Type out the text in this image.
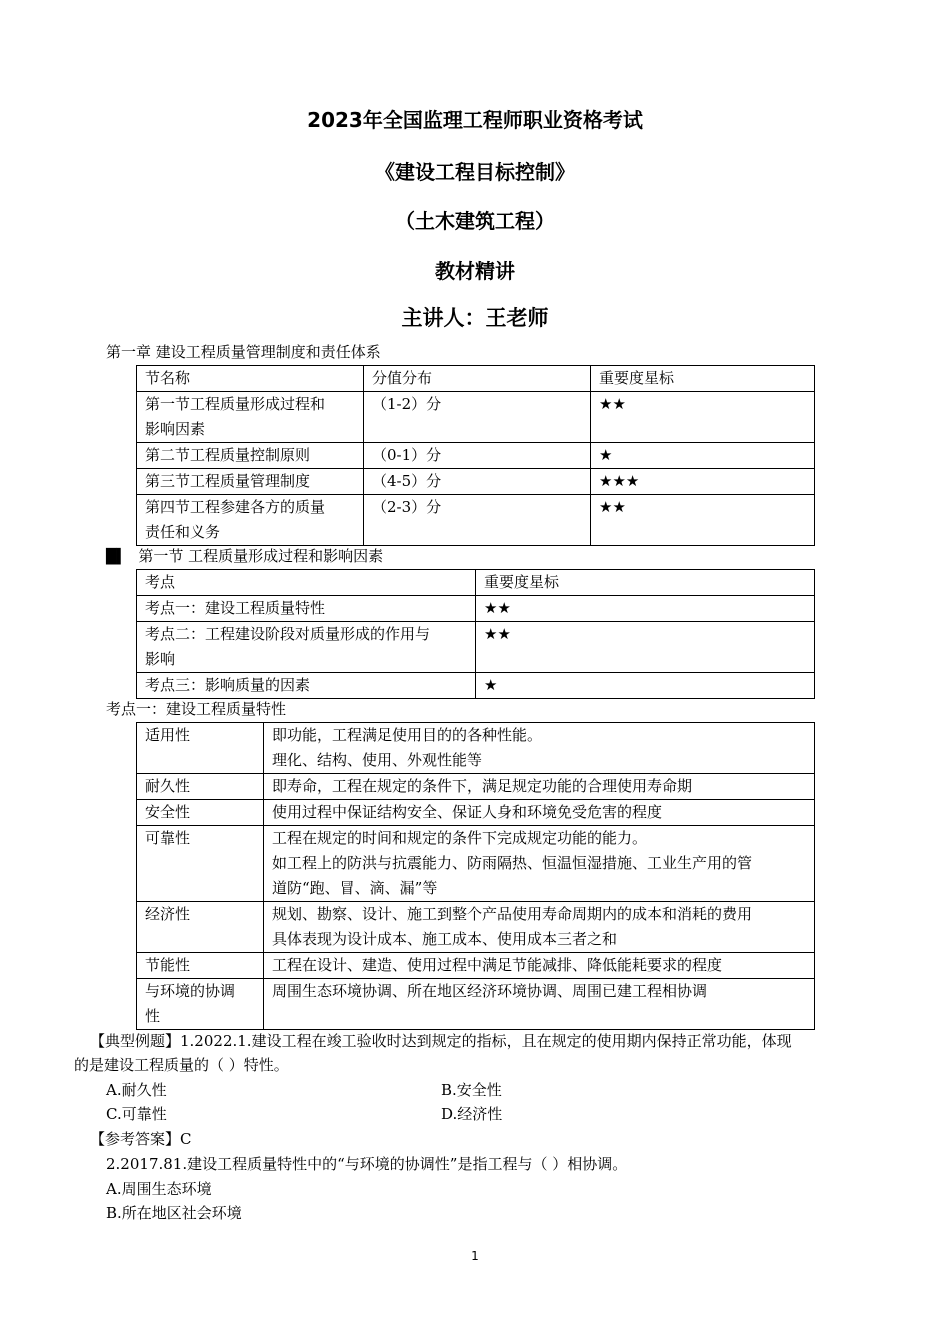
2023年全国监理工程师职业资格考试
《建设工程目标控制》
（土木建筑工程）
教材精讲
主讲人：王老师
第一章 建设工程质量管理制度和责任体系
节名称	分值分布	重要度星标

第一节工程质量形成过程和
影响因素	（1-2）分	★★
第二节工程质量控制原则	（0-1）分	★
第三节工程质量管理制度	（4-5）分	★★★

第四节工程参建各方的质量
责任和义务	（2-3）分	★★
█▍ 第一节 工程质量形成过程和影响因素
考点	重要度星标
考点一：建设工程质量特性	★★

考点二：工程建设阶段对质量形成的作用与
影响	★★
考点三：影响质量的因素	★
考点一：建设工程质量特性
适用性	即功能，工程满足使用目的的各种性能。
理化、结构、使用、外观性能等

耐久性	即寿命，工程在规定的条件下，满足规定功能的合理使用寿命期
安全性	使用过程中保证结构安全、保证人身和环境免受危害的程度
可靠性	工程在规定的时间和规定的条件下完成规定功能的能力。
如工程上的防洪与抗震能力、防雨隔热、恒温恒湿措施、工业生产用的管
道防“跑、冒、滴、漏”等

经济性	规划、勘察、设计、施工到整个产品使用寿命周期内的成本和消耗的费用
具体表现为设计成本、施工成本、使用成本三者之和

节能性	工程在设计、建造、使用过程中满足节能减排、降低能耗要求的程度

与环境的协调
性	周围生态环境协调、所在地区经济环境协调、周围已建工程相协调
【典型例题】1.2022.1.建设工程在竣工验收时达到规定的指标，且在规定的使用期内保持正常功能，体现
的是建设工程质量的（ ）特性。
A.耐久性	B.安全性
C.可靠性	D.经济性
【参考答案】C
2.2017.81.建设工程质量特性中的“与环境的协调性”是指工程与（ ）相协调。
A.周围生态环境
B.所在地区社会环境
1
